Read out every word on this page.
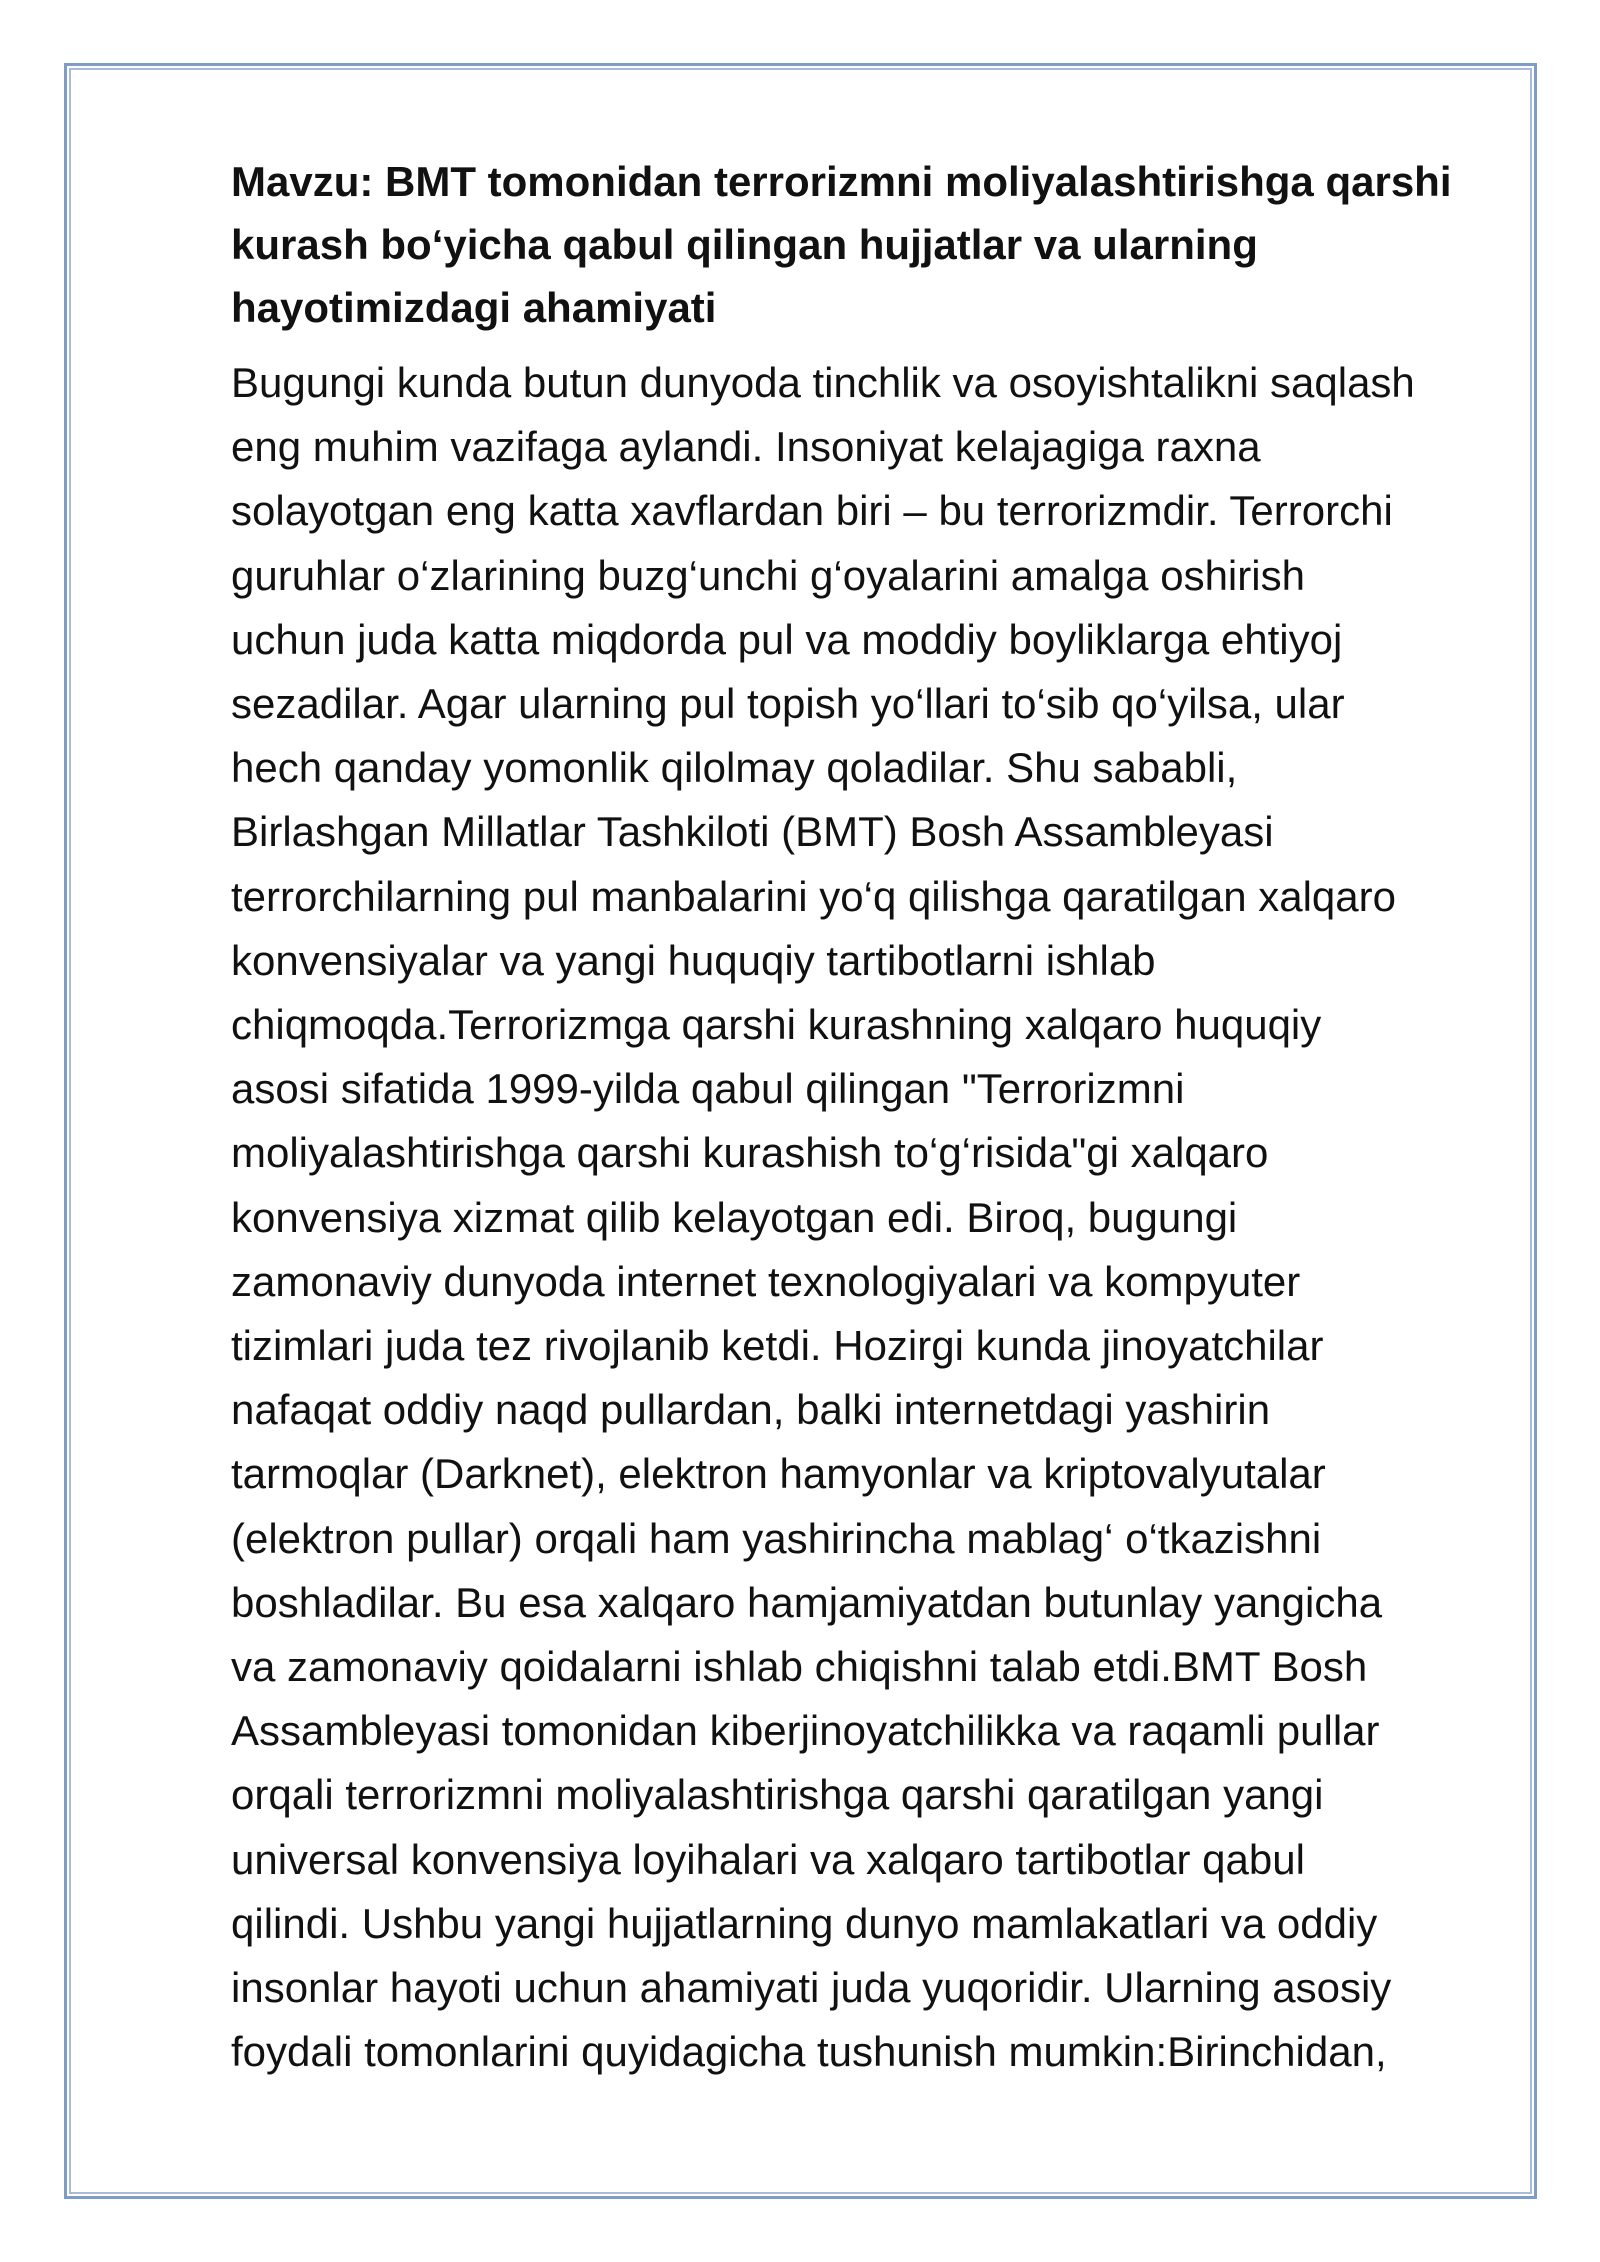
Mavzu: BMT tomonidan terrorizmni moliyalashtirishga qarshi
kurash bo‘yicha qabul qilingan hujjatlar va ularning
hayotimizdagi ahamiyati

Bugungi kunda butun dunyoda tinchlik va osoyishtalikni saqlash
eng muhim vazifaga aylandi. Insoniyat kelajagiga raxna
solayotgan eng katta xavflardan biri – bu terrorizmdir. Terrorchi
guruhlar o‘zlarining buzg‘unchi g‘oyalarini amalga oshirish
uchun juda katta miqdorda pul va moddiy boyliklarga ehtiyoj
sezadilar. Agar ularning pul topish yo‘llari to‘sib qo‘yilsa, ular
hech qanday yomonlik qilolmay qoladilar. Shu sababli,
Birlashgan Millatlar Tashkiloti (BMT) Bosh Assambleyasi
terrorchilarning pul manbalarini yo‘q qilishga qaratilgan xalqaro
konvensiyalar va yangi huquqiy tartibotlarni ishlab
chiqmoqda.Terrorizmga qarshi kurashning xalqaro huquqiy
asosi sifatida 1999-yilda qabul qilingan "Terrorizmni
moliyalashtirishga qarshi kurashish to‘g‘risida"gi xalqaro
konvensiya xizmat qilib kelayotgan edi. Biroq, bugungi
zamonaviy dunyoda internet texnologiyalari va kompyuter
tizimlari juda tez rivojlanib ketdi. Hozirgi kunda jinoyatchilar
nafaqat oddiy naqd pullardan, balki internetdagi yashirin
tarmoqlar (Darknet), elektron hamyonlar va kriptovalyutalar
(elektron pullar) orqali ham yashirincha mablag‘ o‘tkazishni
boshladilar. Bu esa xalqaro hamjamiyatdan butunlay yangicha
va zamonaviy qoidalarni ishlab chiqishni talab etdi.BMT Bosh
Assambleyasi tomonidan kiberjinoyatchilikka va raqamli pullar
orqali terrorizmni moliyalashtirishga qarshi qaratilgan yangi
universal konvensiya loyihalari va xalqaro tartibotlar qabul
qilindi. Ushbu yangi hujjatlarning dunyo mamlakatlari va oddiy
insonlar hayoti uchun ahamiyati juda yuqoridir. Ularning asosiy
foydali tomonlarini quyidagicha tushunish mumkin:Birinchidan,
